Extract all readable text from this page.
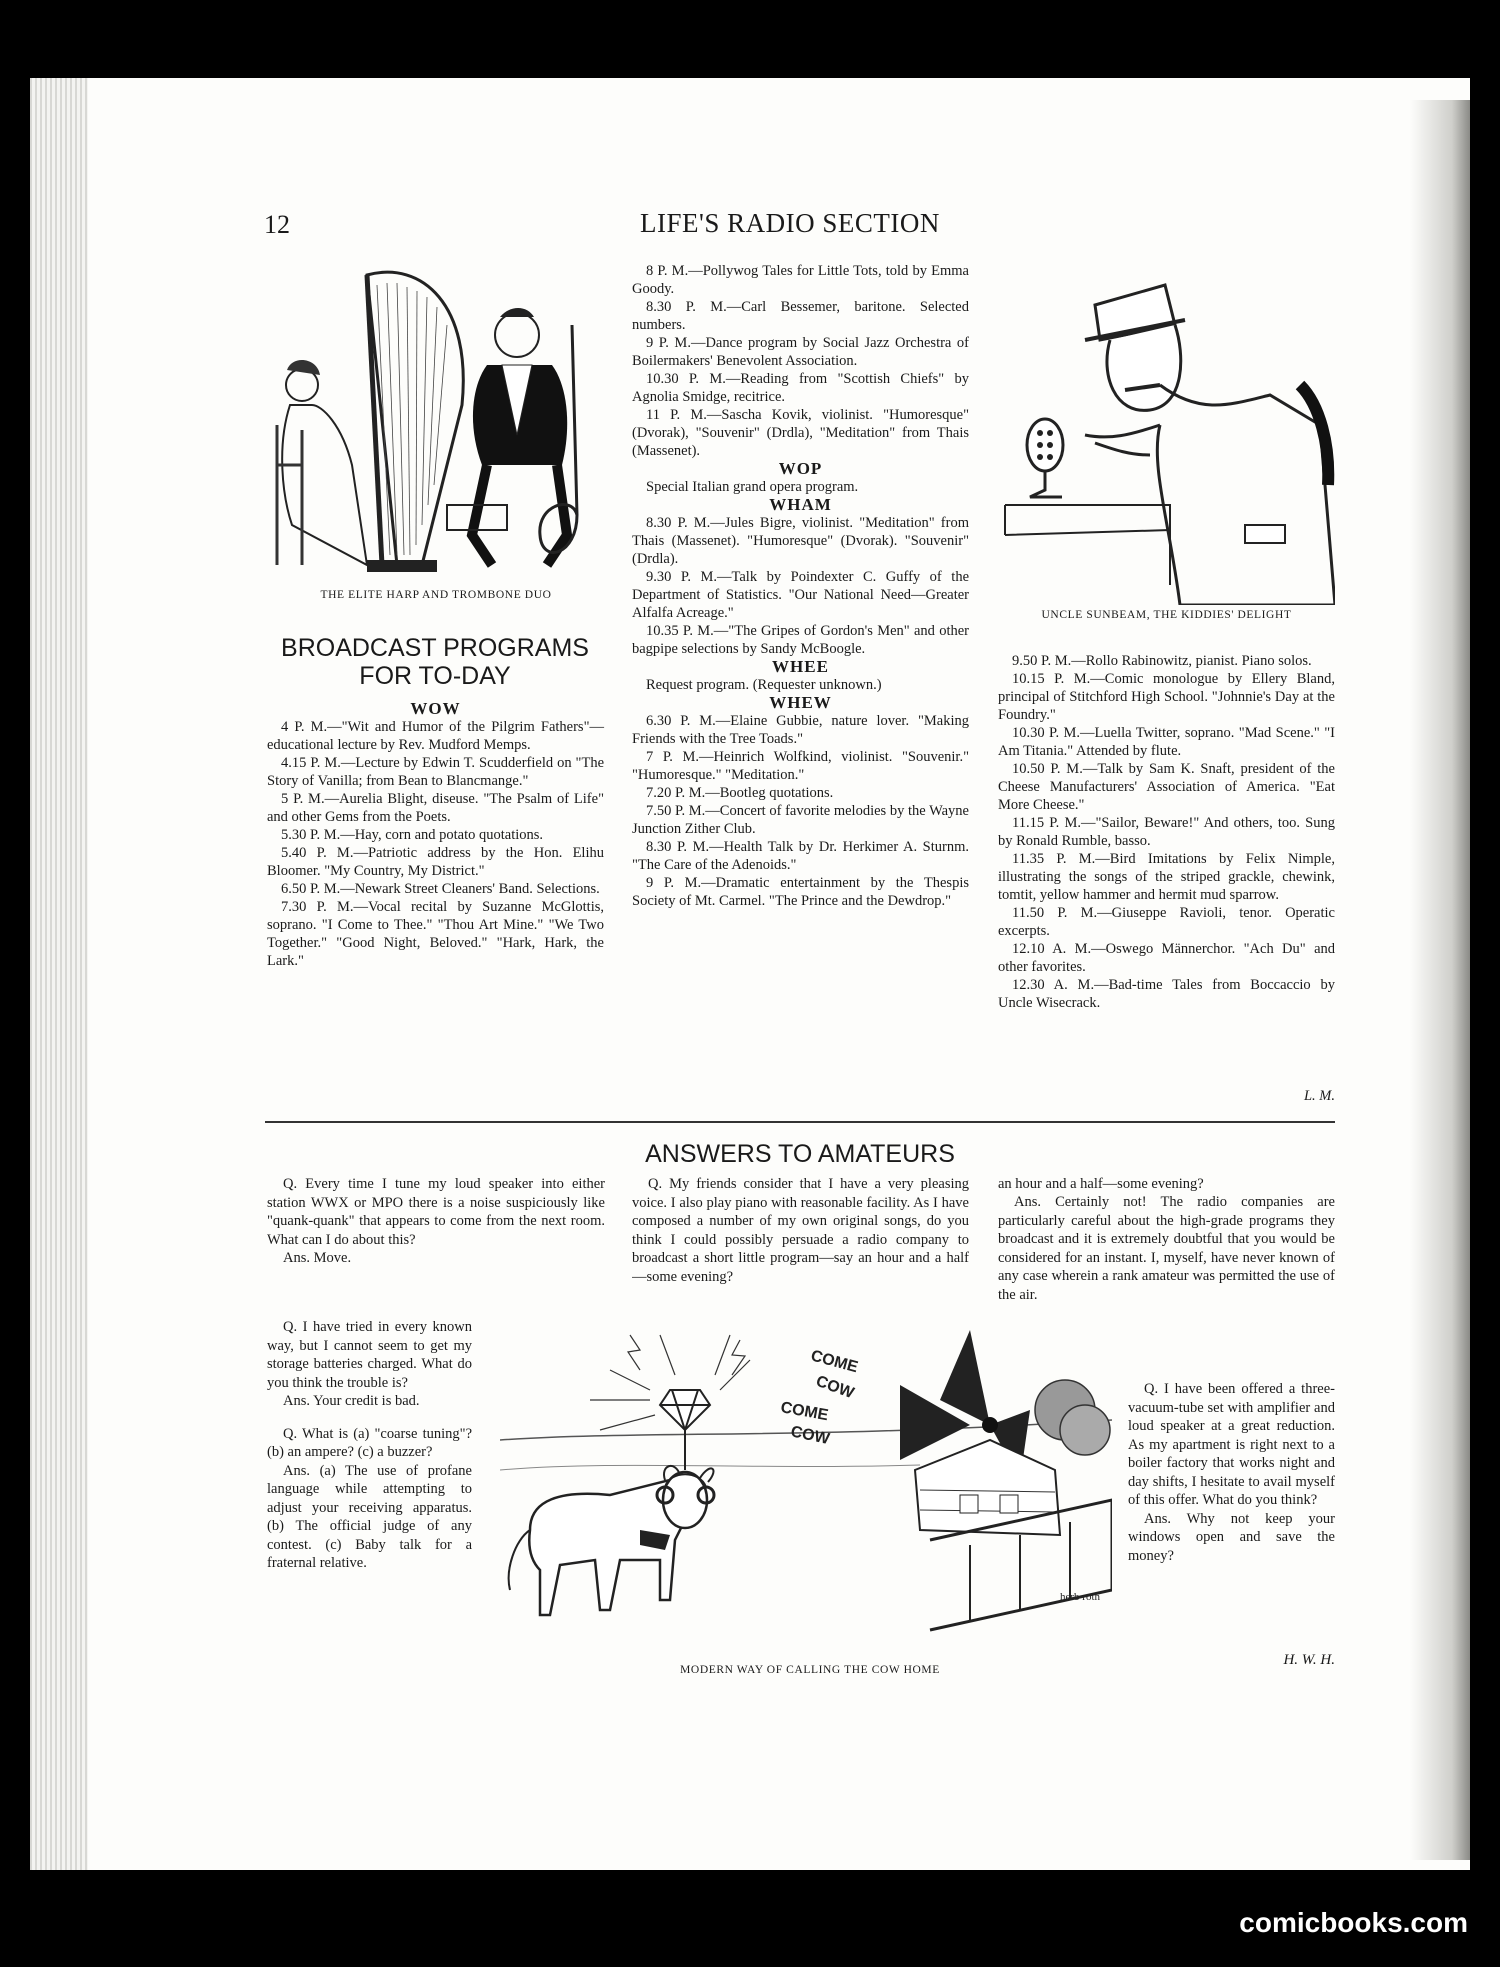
12	LIFE'S RADIO SECTION
THE ELITE HARP AND TROMBONE DUO
BROADCAST PROGRAMS
FOR TO-DAY

WOW

4 P. M.—"Wit and Humor of the Pilgrim Fathers"—educational lecture by Rev. Mudford Memps.

4.15 P. M.—Lecture by Edwin T. Scudderfield on "The Story of Vanilla; from Bean to Blancmange."

5 P. M.—Aurelia Blight, diseuse. "The Psalm of Life" and other Gems from the Poets.

5.30 P. M.—Hay, corn and potato quotations.

5.40 P. M.—Patriotic address by the Hon. Elihu Bloomer. "My Country, My District."

6.50 P. M.—Newark Street Cleaners' Band. Selections.

7.30 P. M.—Vocal recital by Suzanne McGlottis, soprano. "I Come to Thee." "Thou Art Mine." "We Two Together." "Good Night, Beloved." "Hark, Hark, the Lark."

8 P. M.—Pollywog Tales for Little Tots, told by Emma Goody.

8.30 P. M.—Carl Bessemer, baritone. Selected numbers.

9 P. M.—Dance program by Social Jazz Orchestra of Boilermakers' Benevolent Association.

10.30 P. M.—Reading from "Scottish Chiefs" by Agnolia Smidge, recitrice.

11 P. M.—Sascha Kovik, violinist. "Humoresque" (Dvorak), "Souvenir" (Drdla), "Meditation" from Thais (Massenet).

WOP

Special Italian grand opera program.

WHAM

8.30 P. M.—Jules Bigre, violinist. "Meditation" from Thais (Massenet). "Humoresque" (Dvorak). "Souvenir" (Drdla).

9.30 P. M.—Talk by Poindexter C. Guffy of the Department of Statistics. "Our National Need—Greater Alfalfa Acreage."

10.35 P. M.—"The Gripes of Gordon's Men" and other bagpipe selections by Sandy McBoogle.

WHEE

Request program. (Requester unknown.)

WHEW

6.30 P. M.—Elaine Gubbie, nature lover. "Making Friends with the Tree Toads."

7 P. M.—Heinrich Wolfkind, violinist. "Souvenir." "Humoresque." "Meditation."

7.20 P. M.—Bootleg quotations.

7.50 P. M.—Concert of favorite melodies by the Wayne Junction Zither Club.

8.30 P. M.—Health Talk by Dr. Herkimer A. Sturnm. "The Care of the Adenoids."

9 P. M.—Dramatic entertainment by the Thespis Society of Mt. Carmel. "The Prince and the Dewdrop."

9.50 P. M.—Rollo Rabinowitz, pianist. Piano solos.

10.15 P. M.—Comic monologue by Ellery Bland, principal of Stitchford High School. "Johnnie's Day at the Foundry."

10.30 P. M.—Luella Twitter, soprano. "Mad Scene." "I Am Titania." Attended by flute.

10.50 P. M.—Talk by Sam K. Snaft, president of the Cheese Manufacturers' Association of America. "Eat More Cheese."

11.15 P. M.—"Sailor, Beware!" And others, too. Sung by Ronald Rumble, basso.

11.35 P. M.—Bird Imitations by Felix Nimple, illustrating the songs of the striped grackle, chewink, tomtit, yellow hammer and hermit mud sparrow.

11.50 P. M.—Giuseppe Ravioli, tenor. Operatic excerpts.

12.10 A. M.—Oswego Männerchor. "Ach Du" and other favorites.

12.30 A. M.—Bad-time Tales from Boccaccio by Uncle Wisecrack.

L. M.
UNCLE SUNBEAM, THE KIDDIES' DELIGHT
ANSWERS TO AMATEURS

Q. Every time I tune my loud speaker into either station WWX or MPO there is a noise suspiciously like "quank-quank" that appears to come from the next room. What can I do about this?

Ans. Move.

Q. I have tried in every known way, but I cannot seem to get my storage batteries charged. What do you think the trouble is?

Ans. Your credit is bad.

Q. What is (a) "coarse tuning"? (b) an ampere? (c) a buzzer?

Ans. (a) The use of profane language while attempting to adjust your receiving apparatus. (b) The official judge of any contest. (c) Baby talk for a fraternal relative.

Q. My friends consider that I have a very pleasing voice. I also play piano with reasonable facility. As I have composed a number of my own original songs, do you think I could possibly persuade a radio company to broadcast a short little program—say an hour and a half—some evening?

an hour and a half—some evening?

Ans. Certainly not! The radio companies are particularly careful about the high-grade programs they broadcast and it is extremely doubtful that you would be considered for an instant. I, myself, have never known of any case wherein a rank amateur was permitted the use of the air.

Q. I have been offered a three-vacuum-tube set with amplifier and loud speaker at a great reduction. As my apartment is right next to a boiler factory that works night and day shifts, I hesitate to avail myself of this offer. What do you think?

Ans. Why not keep your windows open and save the money?

H. W. H.
COME
COW
COME
COW
herb roth
MODERN WAY OF CALLING THE COW HOME
comicbooks.com
